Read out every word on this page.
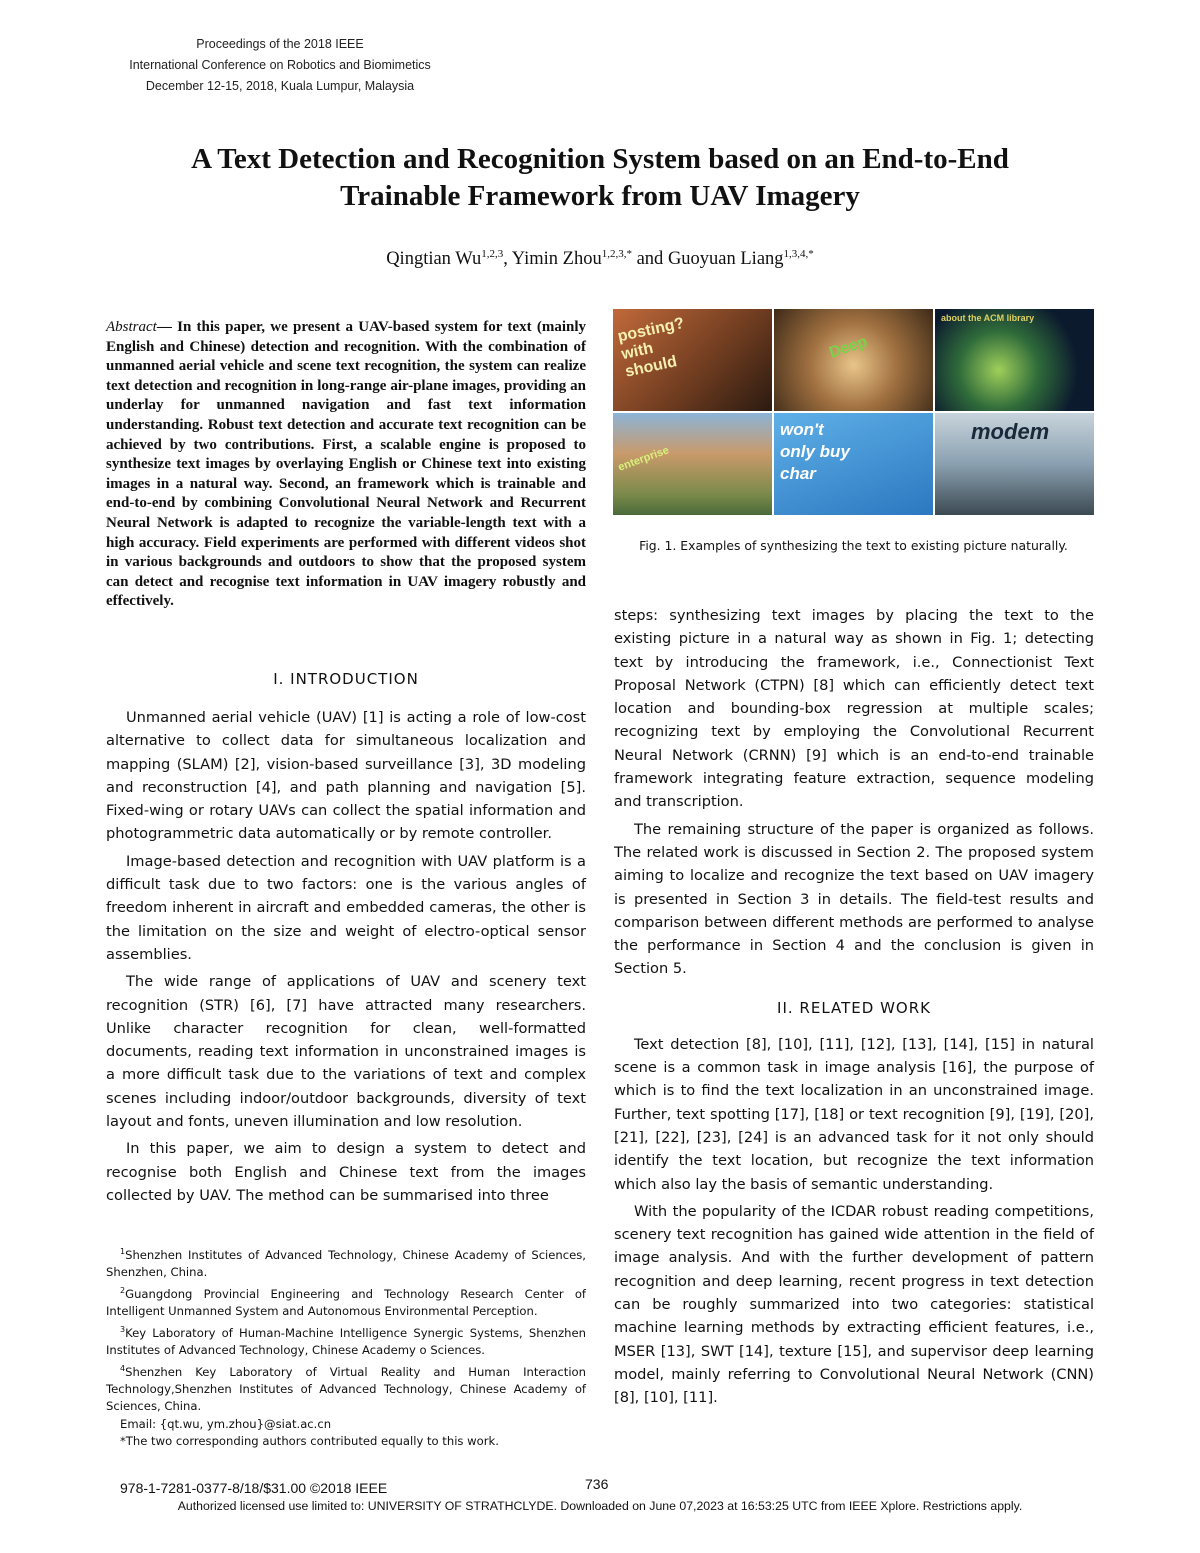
Proceedings of the 2018 IEEE
International Conference on Robotics and Biomimetics
December 12-15, 2018, Kuala Lumpur, Malaysia
A Text Detection and Recognition System based on an End-to-End
Trainable Framework from UAV Imagery
Qingtian Wu$^{1,2,3}$, Yimin Zhou$^{1,2,3,*}$ and Guoyuan Liang$^{1,3,4,*}$
Abstract— In this paper, we present a UAV-based system for text (mainly English and Chinese) detection and recognition. With the combination of unmanned aerial vehicle and scene text recognition, the system can realize text detection and recognition in long-range air-plane images, providing an underlay for unmanned navigation and fast text information understanding. Robust text detection and accurate text recognition can be achieved by two contributions. First, a scalable engine is proposed to synthesize text images by overlaying English or Chinese text into existing images in a natural way. Second, an framework which is trainable and end-to-end by combining Convolutional Neural Network and Recurrent Neural Network is adapted to recognize the variable-length text with a high accuracy. Field experiments are performed with different videos shot in various backgrounds and outdoors to show that the proposed system can detect and recognise text information in UAV imagery robustly and effectively.
I. INTRODUCTION

Unmanned aerial vehicle (UAV) [1] is acting a role of low-cost alternative to collect data for simultaneous localization and mapping (SLAM) [2], vision-based surveillance [3], 3D modeling and reconstruction [4], and path planning and navigation [5]. Fixed-wing or rotary UAVs can collect the spatial information and photogrammetric data automatically or by remote controller.

Image-based detection and recognition with UAV platform is a difficult task due to two factors: one is the various angles of freedom inherent in aircraft and embedded cameras, the other is the limitation on the size and weight of electro-optical sensor assemblies.

The wide range of applications of UAV and scenery text recognition (STR) [6], [7] have attracted many researchers. Unlike character recognition for clean, well-formatted documents, reading text information in unconstrained images is a more difficult task due to the variations of text and complex scenes including indoor/outdoor backgrounds, diversity of text layout and fonts, uneven illumination and low resolution.

In this paper, we aim to design a system to detect and recognise both English and Chinese text from the images collected by UAV. The method can be summarised into three

$^1$Shenzhen Institutes of Advanced Technology, Chinese Academy of Sciences, Shenzhen, China.

$^2$Guangdong Provincial Engineering and Technology Research Center of Intelligent Unmanned System and Autonomous Environmental Perception.

$^3$Key Laboratory of Human-Machine Intelligence Synergic Systems, Shenzhen Institutes of Advanced Technology, Chinese Academy o Sciences.

$^4$Shenzhen Key Laboratory of Virtual Reality and Human Interaction Technology,Shenzhen Institutes of Advanced Technology, Chinese Academy of Sciences, China.

Email: {qt.wu, ym.zhou}@siat.ac.cn

*The two corresponding authors contributed equally to this work.

posting? with should
Deep
about the ACM library
enterprise
won't only buy char
modem
Fig. 1. Examples of synthesizing the text to existing picture naturally.

steps: synthesizing text images by placing the text to the existing picture in a natural way as shown in Fig. 1; detecting text by introducing the framework, i.e., Connectionist Text Proposal Network (CTPN) [8] which can efficiently detect text location and bounding-box regression at multiple scales; recognizing text by employing the Convolutional Recurrent Neural Network (CRNN) [9] which is an end-to-end trainable framework integrating feature extraction, sequence modeling and transcription.

The remaining structure of the paper is organized as follows. The related work is discussed in Section 2. The proposed system aiming to localize and recognize the text based on UAV imagery is presented in Section 3 in details. The field-test results and comparison between different methods are performed to analyse the performance in Section 4 and the conclusion is given in Section 5.

II. RELATED WORK

Text detection [8], [10], [11], [12], [13], [14], [15] in natural scene is a common task in image analysis [16], the purpose of which is to find the text localization in an unconstrained image. Further, text spotting [17], [18] or text recognition [9], [19], [20], [21], [22], [23], [24] is an advanced task for it not only should identify the text location, but recognize the text information which also lay the basis of semantic understanding.

With the popularity of the ICDAR robust reading competitions, scenery text recognition has gained wide attention in the field of image analysis. And with the further development of pattern recognition and deep learning, recent progress in text detection can be roughly summarized into two categories: statistical machine learning methods by extracting efficient features, i.e., MSER [13], SWT [14], texture [15], and supervisor deep learning model, mainly referring to Convolutional Neural Network (CNN) [8], [10], [11].

978-1-7281-0377-8/18/$31.00 ©2018 IEEE	736
Authorized licensed use limited to: UNIVERSITY OF STRATHCLYDE. Downloaded on June 07,2023 at 16:53:25 UTC from IEEE Xplore. Restrictions apply.
